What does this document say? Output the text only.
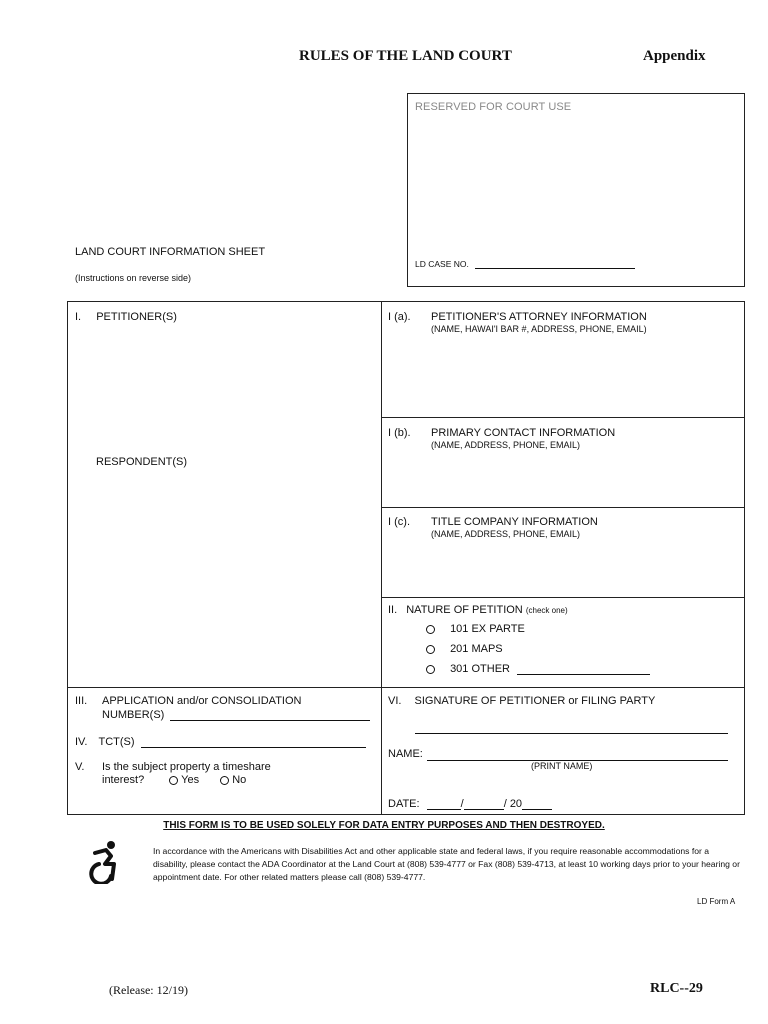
RULES OF THE LAND COURT	Appendix
RESERVED FOR COURT USE
LD CASE NO.
LAND COURT INFORMATION SHEET
(Instructions on reverse side)
I. PETITIONER(S)
RESPONDENT(S)
III. APPLICATION and/or CONSOLIDATION
NUMBER(S)
IV. TCT(S)
V. Is the subject property a timeshare
interest?	Yes	No
I (a). PETITIONER'S ATTORNEY INFORMATION
(NAME, HAWAI'I BAR #, ADDRESS, PHONE, EMAIL)
I (b). PRIMARY CONTACT INFORMATION
(NAME, ADDRESS, PHONE, EMAIL)
I (c). TITLE COMPANY INFORMATION
(NAME, ADDRESS, PHONE, EMAIL)
II. NATURE OF PETITION (check one)
101 EX PARTE
201 MAPS
301 OTHER
VI. SIGNATURE OF PETITIONER or FILING PARTY
NAME:
(PRINT NAME)
DATE:	/	/ 20
THIS FORM IS TO BE USED SOLELY FOR DATA ENTRY PURPOSES AND THEN DESTROYED.
In accordance with the Americans with Disabilities Act and other applicable state and federal laws, if you require reasonable accommodations for a disability, please contact the ADA Coordinator at the Land Court at (808) 539-4777 or Fax (808) 539-4713, at least 10 working days prior to your hearing or appointment date. For other related matters please call (808) 539-4777.
LD Form A
(Release: 12/19)	RLC--29
